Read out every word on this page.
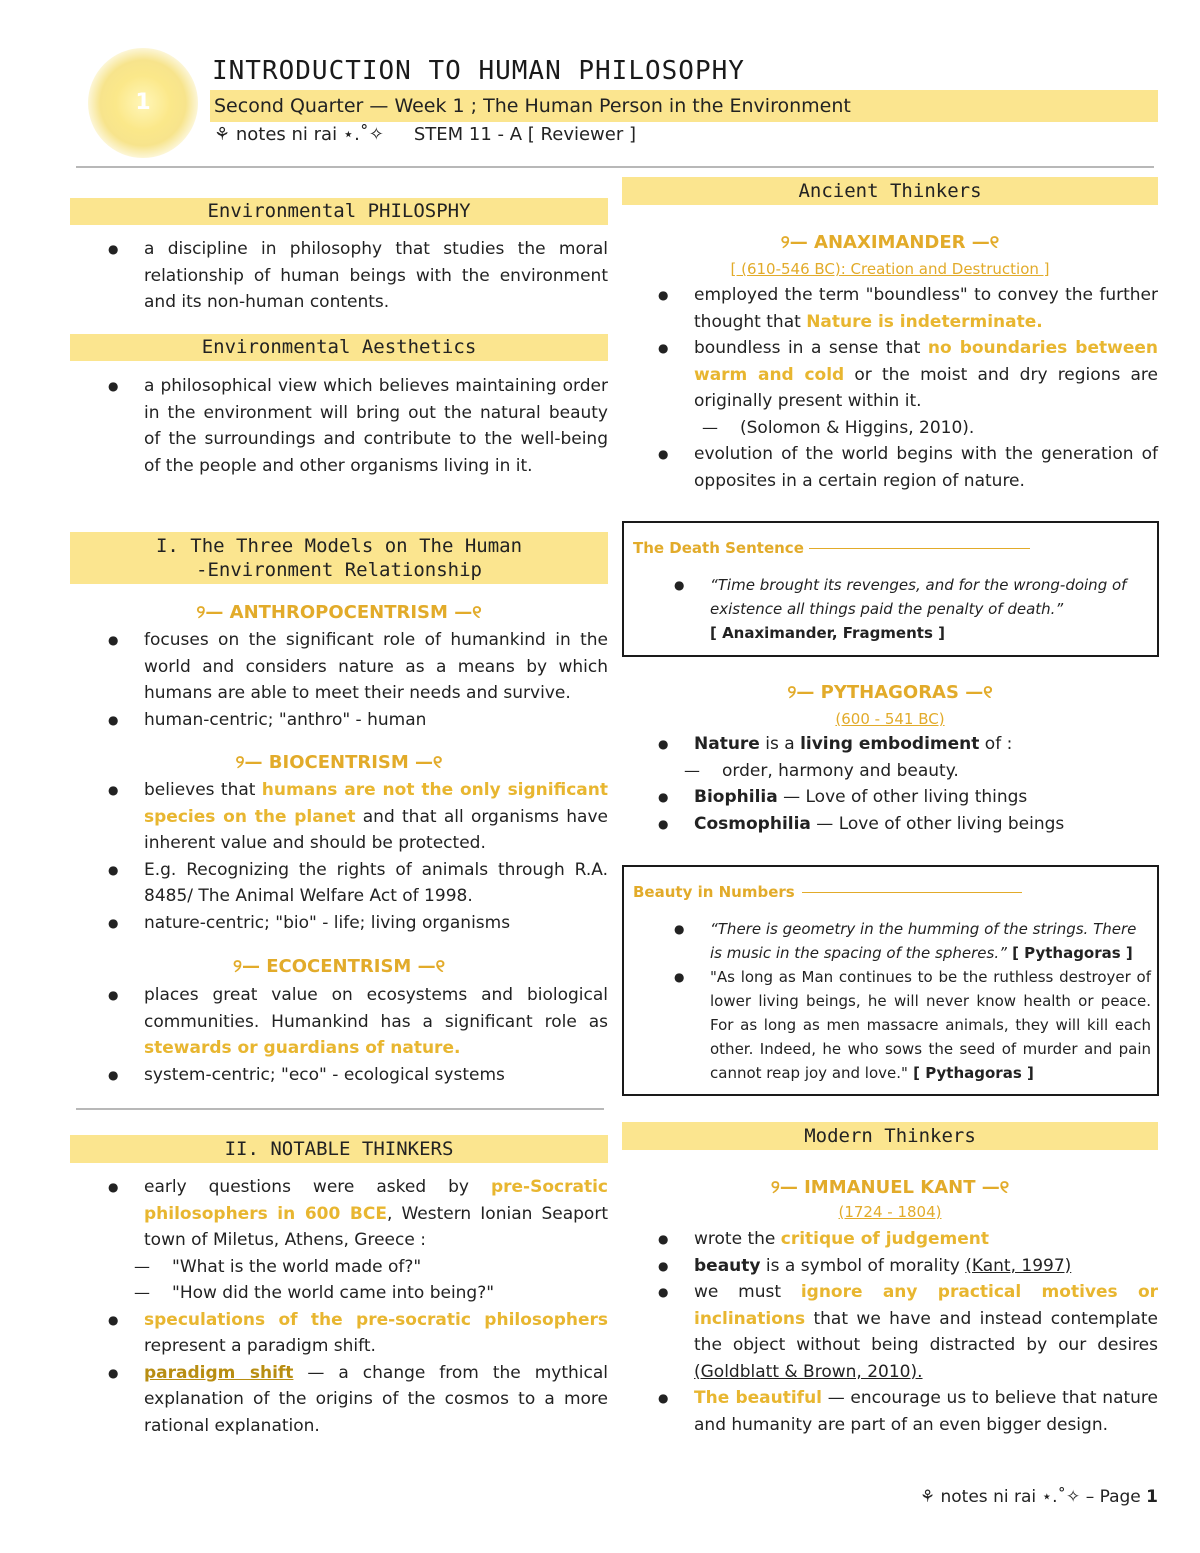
1
INTRODUCTION TO HUMAN PHILOSOPHY
Second Quarter — Week 1 ; The Human Person in the Environment
⚘ notes ni rai ⋆.˚✧ STEM 11 - A [ Reviewer ]
Environmental PHILOSPHY
● a discipline in philosophy that studies the moral relationship of human beings with the environment and its non-human contents.
Environmental Aesthetics
● a philosophical view which believes maintaining order in the environment will bring out the natural beauty of the surroundings and contribute to the well-being of the people and other organisms living in it.
I. The Three Models on The Human
-Environment Relationship
୨— ANTHROPOCENTRISM —୧
● focuses on the significant role of humankind in the world and considers nature as a means by which humans are able to meet their needs and survive.
● human-centric; "anthro" - human
୨— BIOCENTRISM —୧
● believes that humans are not the only significant species on the planet and that all organisms have inherent value and should be protected.
● E.g. Recognizing the rights of animals through R.A. 8485/ The Animal Welfare Act of 1998.
● nature-centric; "bio" - life; living organisms
୨— ECOCENTRISM —୧
● places great value on ecosystems and biological communities. Humankind has a significant role as stewards or guardians of nature.
● system-centric; "eco" - ecological systems
II. NOTABLE THINKERS
● early questions were asked by pre-Socratic philosophers in 600 BCE, Western Ionian Seaport town of Miletus, Athens, Greece :
— "What is the world made of?"
— "How did the world came into being?"
● speculations of the pre-socratic philosophers represent a paradigm shift.
● paradigm shift — a change from the mythical explanation of the origins of the cosmos to a more rational explanation.
Ancient Thinkers
୨— ANAXIMANDER —୧
[ (610-546 BC): Creation and Destruction ]
● employed the term "boundless" to convey the further thought that Nature is indeterminate.
● boundless in a sense that no boundaries between warm and cold or the moist and dry regions are originally present within it.
— (Solomon & Higgins, 2010).
● evolution of the world begins with the generation of opposites in a certain region of nature.
The Death Sentence
● “Time brought its revenges, and for the wrong-doing of existence all things paid the penalty of death.”
[ Anaximander, Fragments ]
୨— PYTHAGORAS —୧
(600 - 541 BC)
● Nature is a living embodiment of :
— order, harmony and beauty.
● Biophilia — Love of other living things
● Cosmophilia — Love of other living beings
Beauty in Numbers
● “There is geometry in the humming of the strings. There is music in the spacing of the spheres.” [ Pythagoras ]
● "As long as Man continues to be the ruthless destroyer of lower living beings, he will never know health or peace. For as long as men massacre animals, they will kill each other. Indeed, he who sows the seed of murder and pain cannot reap joy and love." [ Pythagoras ]
Modern Thinkers
୨— IMMANUEL KANT —୧
(1724 - 1804)
● wrote the critique of judgement
● beauty is a symbol of morality (Kant, 1997)
● we must ignore any practical motives or inclinations that we have and instead contemplate the object without being distracted by our desires (Goldblatt & Brown, 2010).
● The beautiful — encourage us to believe that nature and humanity are part of an even bigger design.
⚘ notes ni rai ⋆.˚✧ – Page 1
